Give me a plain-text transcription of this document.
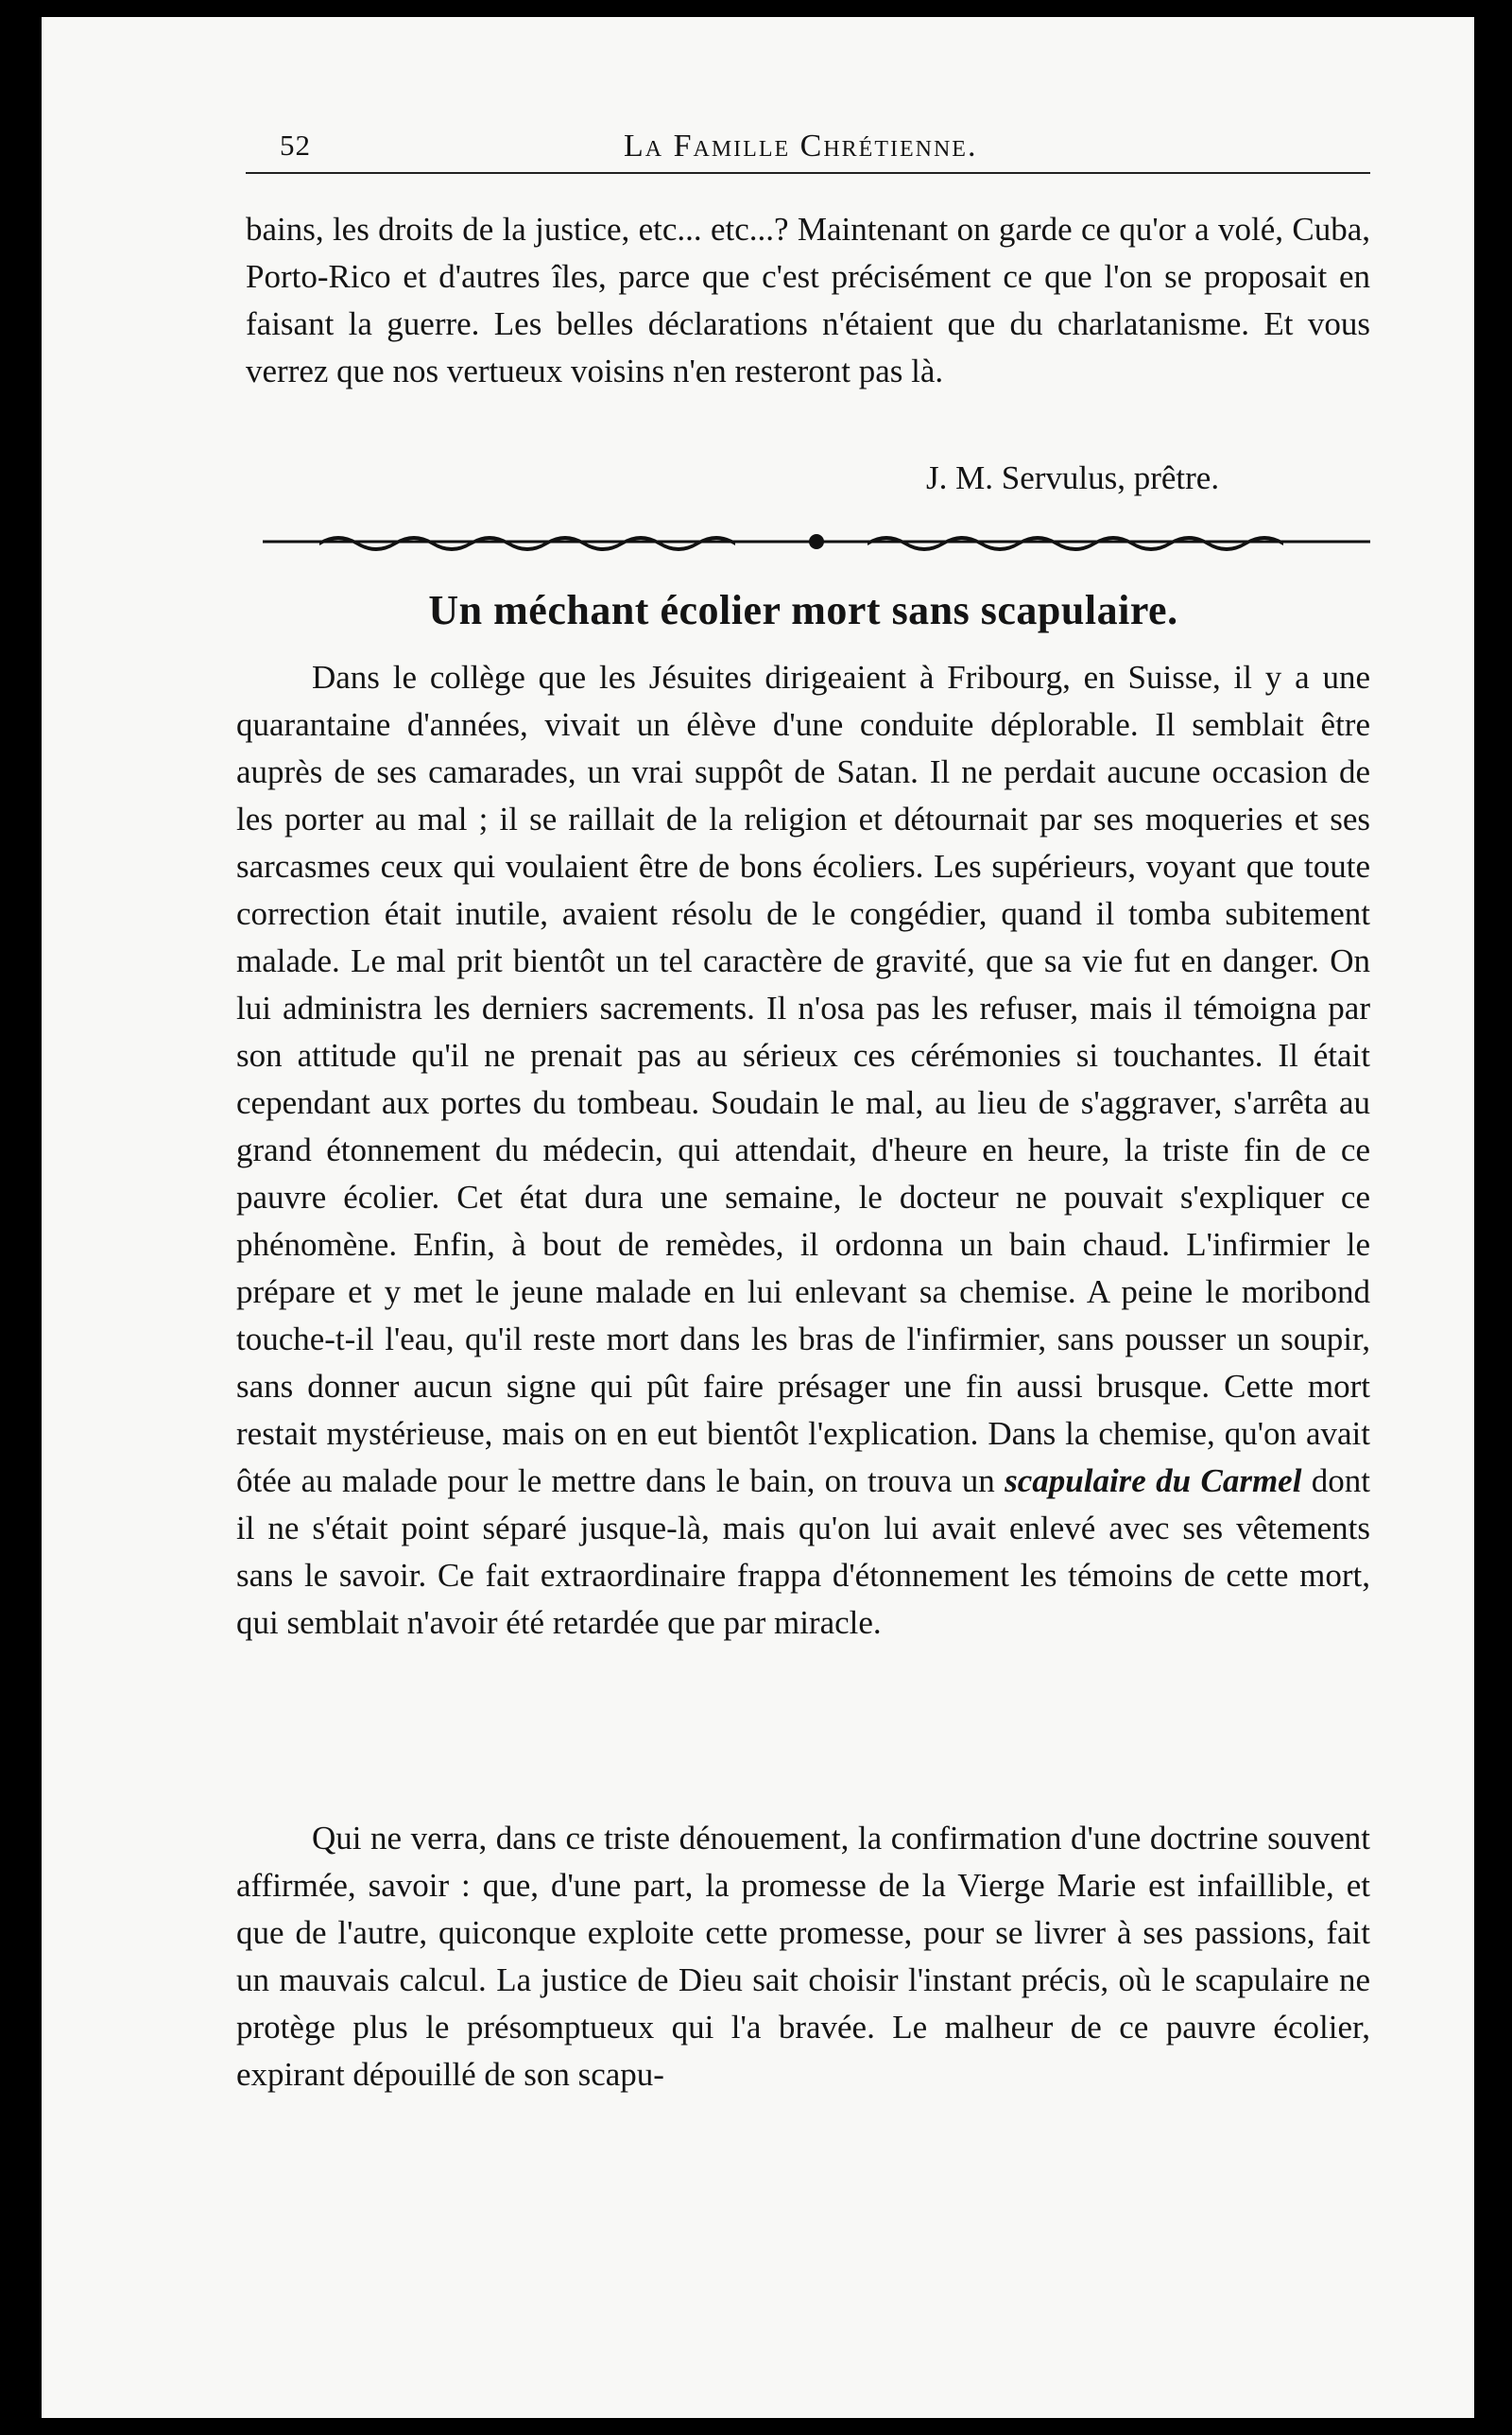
52	La Famille Chrétienne.
bains, les droits de la justice, etc... etc...? Maintenant on garde ce qu'or a volé, Cuba, Porto-Rico et d'autres îles, parce que c'est précisément ce que l'on se proposait en faisant la guerre. Les belles déclarations n'étaient que du charlatanisme. Et vous verrez que nos vertueux voisins n'en resteront pas là.
J. M. Servulus, prêtre.
Un méchant écolier mort sans scapulaire.
Dans le collège que les Jésuites dirigeaient à Fribourg, en Suisse, il y a une quarantaine d'années, vivait un élève d'une conduite déplorable. Il semblait être auprès de ses camarades, un vrai suppôt de Satan. Il ne perdait aucune occasion de les porter au mal ; il se raillait de la religion et détournait par ses moqueries et ses sarcasmes ceux qui voulaient être de bons écoliers. Les supérieurs, voyant que toute correction était inutile, avaient résolu de le congédier, quand il tomba subitement malade. Le mal prit bientôt un tel caractère de gravité, que sa vie fut en danger. On lui administra les derniers sacrements. Il n'osa pas les refuser, mais il témoigna par son attitude qu'il ne prenait pas au sérieux ces cérémonies si touchantes. Il était cependant aux portes du tombeau. Soudain le mal, au lieu de s'aggraver, s'arrêta au grand étonnement du médecin, qui attendait, d'heure en heure, la triste fin de ce pauvre écolier. Cet état dura une semaine, le docteur ne pouvait s'expliquer ce phénomène. Enfin, à bout de remèdes, il ordonna un bain chaud. L'infirmier le prépare et y met le jeune malade en lui enlevant sa chemise. A peine le moribond touche-t-il l'eau, qu'il reste mort dans les bras de l'infirmier, sans pousser un soupir, sans donner aucun signe qui pût faire présager une fin aussi brusque. Cette mort restait mystérieuse, mais on en eut bientôt l'explication. Dans la chemise, qu'on avait ôtée au malade pour le mettre dans le bain, on trouva un scapulaire du Carmel dont il ne s'était point séparé jusque-là, mais qu'on lui avait enlevé avec ses vêtements sans le savoir. Ce fait extraordinaire frappa d'étonnement les témoins de cette mort, qui semblait n'avoir été retardée que par miracle.
Qui ne verra, dans ce triste dénouement, la confirmation d'une doctrine souvent affirmée, savoir : que, d'une part, la promesse de la Vierge Marie est infaillible, et que de l'autre, quiconque exploite cette promesse, pour se livrer à ses passions, fait un mauvais calcul. La justice de Dieu sait choisir l'instant précis, où le scapulaire ne protège plus le présomptueux qui l'a bravée. Le malheur de ce pauvre écolier, expirant dépouillé de son scapu-
